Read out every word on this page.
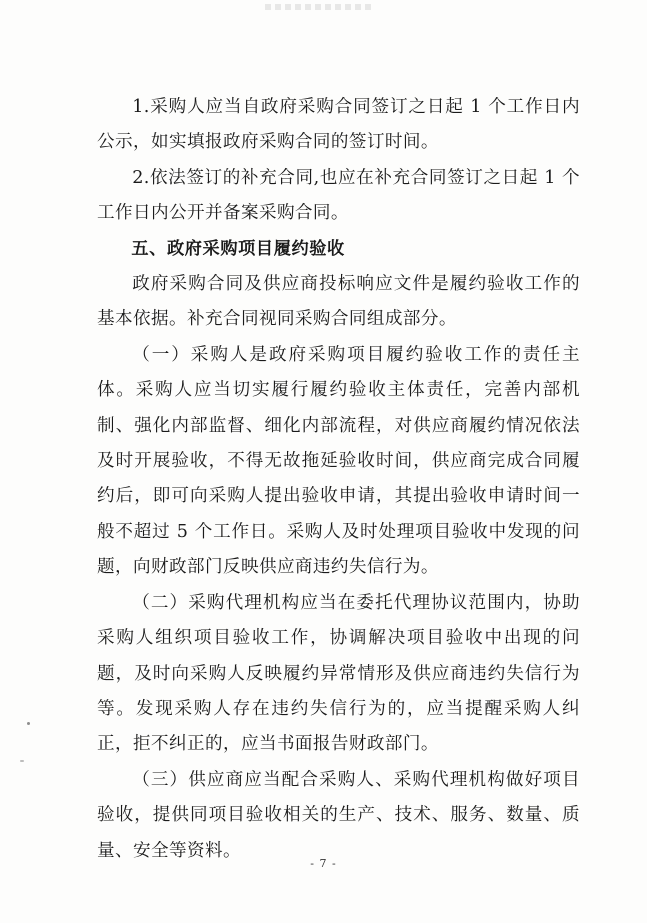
1.采购人应当自政府采购合同签订之日起 1 个工作日内公示，如实填报政府采购合同的签订时间。

2.依法签订的补充合同,也应在补充合同签订之日起 1 个工作日内公开并备案采购合同。

五、政府采购项目履约验收

政府采购合同及供应商投标响应文件是履约验收工作的基本依据。补充合同视同采购合同组成部分。

（一）采购人是政府采购项目履约验收工作的责任主体。采购人应当切实履行履约验收主体责任，完善内部机制、强化内部监督、细化内部流程，对供应商履约情况依法及时开展验收，不得无故拖延验收时间，供应商完成合同履约后，即可向采购人提出验收申请，其提出验收申请时间一般不超过 5 个工作日。采购人及时处理项目验收中发现的问题，向财政部门反映供应商违约失信行为。

（二）采购代理机构应当在委托代理协议范围内，协助采购人组织项目验收工作，协调解决项目验收中出现的问题，及时向采购人反映履约异常情形及供应商违约失信行为等。发现采购人存在违约失信行为的，应当提醒采购人纠正，拒不纠正的，应当书面报告财政部门。

（三）供应商应当配合采购人、采购代理机构做好项目验收，提供同项目验收相关的生产、技术、服务、数量、质量、安全等资料。

- 7 -
